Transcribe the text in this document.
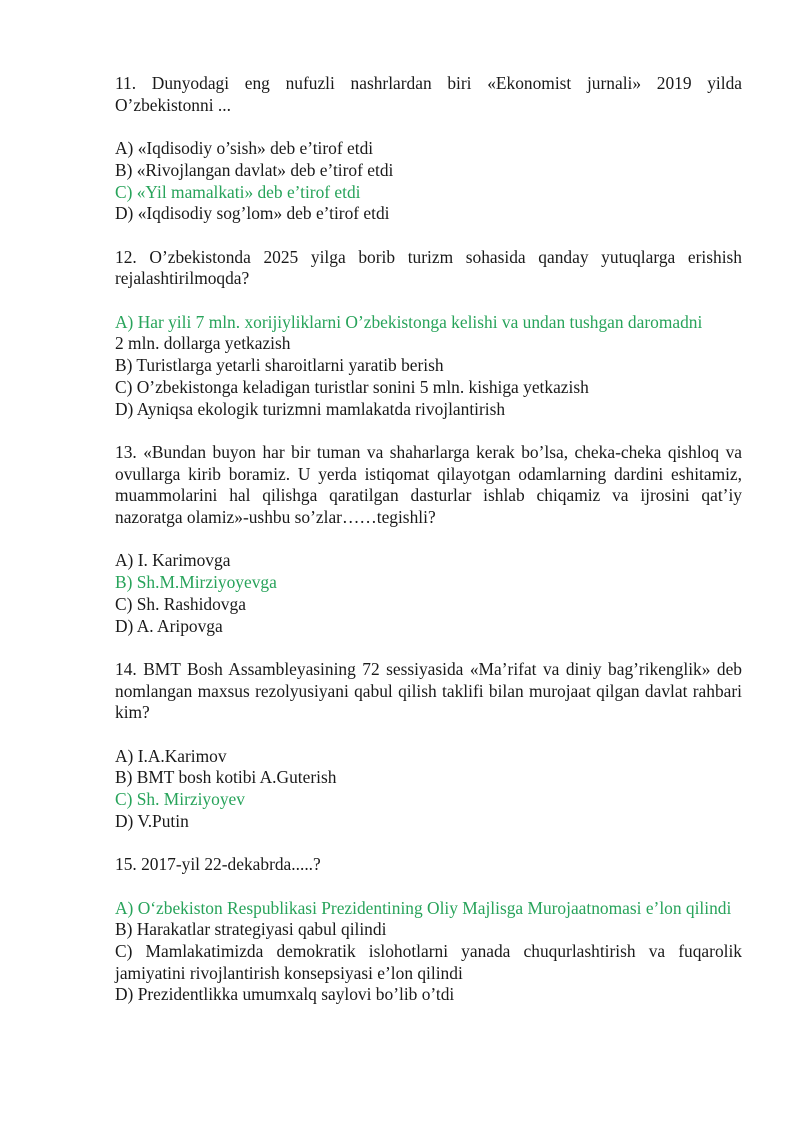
11. Dunyodagi eng nufuzli nashrlardan biri «Ekonomist jurnali» 2019 yilda O’zbekistonni ...

A) «Iqdisodiy o’sish» deb e’tirof etdi

B) «Rivojlangan davlat» deb e’tirof etdi

C) «Yil mamalkati» deb e’tirof etdi

D) «Iqdisodiy sog’lom» deb e’tirof etdi

12. O’zbekistonda 2025 yilga borib turizm sohasida qanday yutuqlarga erishish rejalashtirilmoqda?

A) Har yili 7 mln. xorijiyliklarni O’zbekistonga kelishi va undan tushgan daromadni

2 mln. dollarga yetkazish

B) Turistlarga yetarli sharoitlarni yaratib berish

C) O’zbekistonga keladigan turistlar sonini 5 mln. kishiga yetkazish

D) Ayniqsa ekologik turizmni mamlakatda rivojlantirish

13. «Bundan buyon har bir tuman va shaharlarga kerak bo’lsa, cheka-cheka qishloq va ovullarga kirib boramiz. U yerda istiqomat qilayotgan odamlarning dardini eshitamiz, muammolarini hal qilishga qaratilgan dasturlar ishlab chiqamiz va ijrosini qat’iy nazoratga olamiz»-ushbu so’zlar……tegishli?

A) I. Karimovga

B) Sh.M.Mirziyoyevga

C) Sh. Rashidovga

D) A. Aripovga

14. BMT Bosh Assambleyasining 72 sessiyasida «Ma’rifat va diniy bag’rikenglik» deb nomlangan maxsus rezolyusiyani qabul qilish taklifi bilan murojaat qilgan davlat rahbari kim?

A) I.A.Karimov

B) BMT bosh kotibi A.Guterish

C) Sh. Mirziyoyev

D) V.Putin

15. 2017-yil 22-dekabrda.....?

A) O‘zbekiston Respublikasi Prezidentining Oliy Majlisga Murojaatnomasi e’lon qilindi

B) Harakatlar strategiyasi qabul qilindi

C) Mamlakatimizda demokratik islohotlarni yanada chuqurlashtirish va fuqarolik jamiyatini rivojlantirish konsepsiyasi e’lon qilindi

D) Prezidentlikka umumxalq saylovi bo’lib o’tdi
